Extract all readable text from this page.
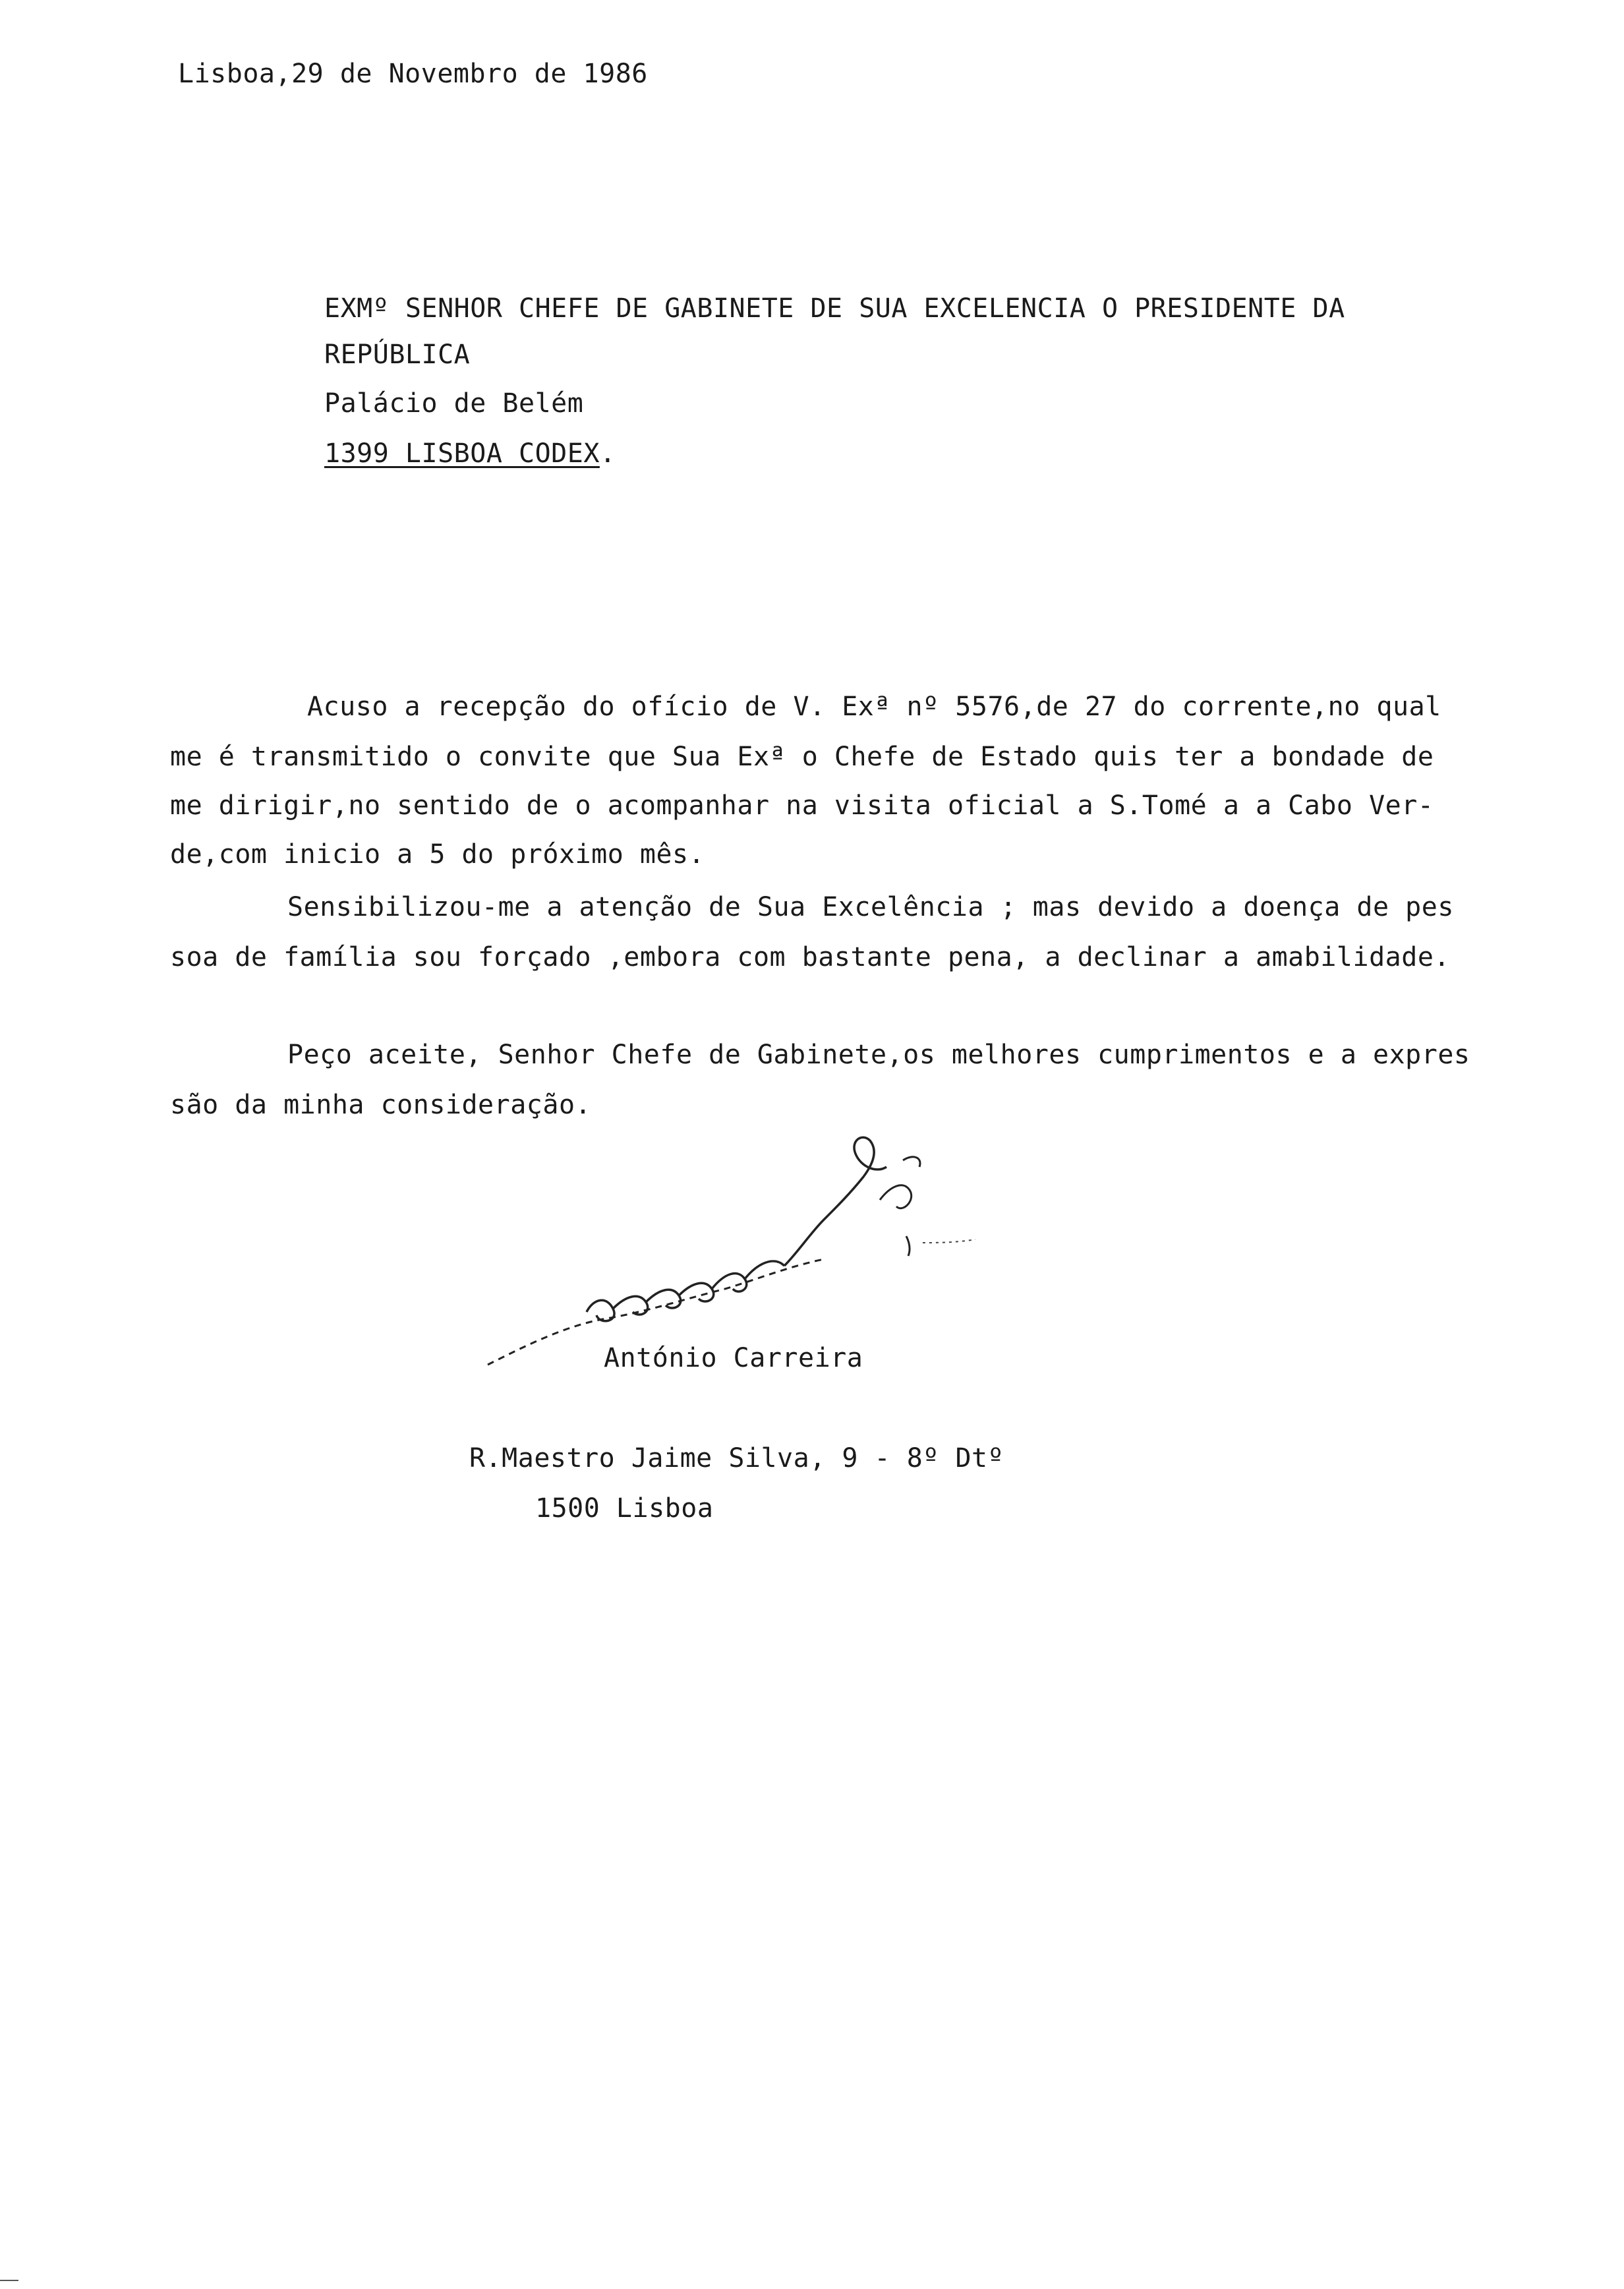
Lisboa,29 de Novembro de 1986
EXMº SENHOR CHEFE DE GABINETE DE SUA EXCELENCIA O PRESIDENTE DA
REPÚBLICA
Palácio de Belém
1399 LISBOA CODEX.
Acuso a recepção do ofício de V. Exª nº 5576,de 27 do corrente,no qual
me é transmitido o convite que Sua Exª o Chefe de Estado quis ter a bondade de
me dirigir,no sentido de o acompanhar na visita oficial a S.Tomé a a Cabo Ver-
de,com inicio a 5 do próximo mês.
Sensibilizou-me a atenção de Sua Excelência ; mas devido a doença de pes
soa de família sou forçado ,embora com bastante pena, a declinar a amabilidade.
Peço aceite, Senhor Chefe de Gabinete,os melhores cumprimentos e a expres
são da minha consideração.
António Carreira
R.Maestro Jaime Silva, 9 - 8º Dtº
1500 Lisboa
